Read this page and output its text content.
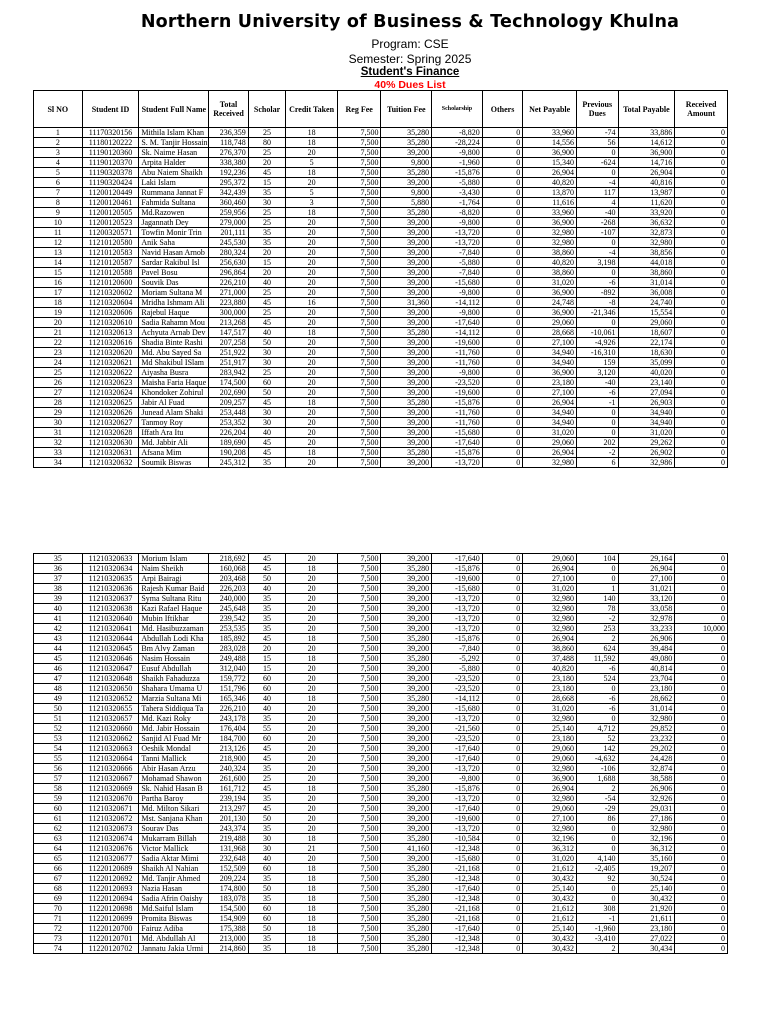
Northern University of Business & Technology Khulna
Program: CSE
Semester: Spring 2025
Student's Finance
40% Dues List
Sl NO	Student ID	Student Full Name	Total Received	Scholar	Credit Taken	Reg Fee	Tuition Fee	Scholarship	Others	Net Payable	Previous Dues	Total Payable	Received Amount
1	11170320156	Mithila Islam Khan	236,359	25	18	7,500	35,280	-8,820	0	33,960	-74	33,886	0
2	11180120222	S. M. Tanjir Hossain	118,748	80	18	7,500	35,280	-28,224	0	14,556	56	14,612	0
3	11190120360	Sk. Naime Hasan	276,370	25	20	7,500	39,200	-9,800	0	36,900	0	36,900	0
4	11190120370	Arpita Halder	338,380	20	5	7,500	9,800	-1,960	0	15,340	-624	14,716	0
5	11190320378	Abu Naiem Shaikh	192,236	45	18	7,500	35,280	-15,876	0	26,904	0	26,904	0
6	11190320424	Laki Islam	295,372	15	20	7,500	39,200	-5,880	0	40,820	-4	40,816	0
7	11200120449	Rummana Jannat F	342,439	35	5	7,500	9,800	-3,430	0	13,870	117	13,987	0
8	11200120461	Fahmida Sultana	360,460	30	3	7,500	5,880	-1,764	0	11,616	4	11,620	0
9	11200120505	Md.Razowen	259,956	25	18	7,500	35,280	-8,820	0	33,960	-40	33,920	0
10	11200120523	Jagannath Dey	279,000	25	20	7,500	39,200	-9,800	0	36,900	-268	36,632	0
11	11200320571	Towfin Monir Trin	201,111	35	20	7,500	39,200	-13,720	0	32,980	-107	32,873	0
12	11210120580	Anik Saha	245,530	35	20	7,500	39,200	-13,720	0	32,980	0	32,980	0
13	11210120583	Navid Hasan Arnob	280,324	20	20	7,500	39,200	-7,840	0	38,860	-4	38,856	0
14	11210120587	Sardar Rakibul Isl	256,630	15	20	7,500	39,200	-5,880	0	40,820	3,198	44,018	0
15	11210120588	Pavel Bosu	296,864	20	20	7,500	39,200	-7,840	0	38,860	0	38,860	0
16	11210120600	Souvik Das	226,210	40	20	7,500	39,200	-15,680	0	31,020	-6	31,014	0
17	11210320602	Moriam Sultana M	271,000	25	20	7,500	39,200	-9,800	0	36,900	-892	36,008	0
18	11210320604	Mridha Ishmam Ali	223,880	45	16	7,500	31,360	-14,112	0	24,748	-8	24,740	0
19	11210320606	Rajebul Haque	300,000	25	20	7,500	39,200	-9,800	0	36,900	-21,346	15,554	0
20	11210320610	Sadia Rahamn Mou	213,268	45	20	7,500	39,200	-17,640	0	29,060	0	29,060	0
21	11210320613	Achyuta Arnab Dev	147,517	40	18	7,500	35,280	-14,112	0	28,668	-10,061	18,607	0
22	11210320616	Shadia Binte Rashi	207,258	50	20	7,500	39,200	-19,600	0	27,100	-4,926	22,174	0
23	11210320620	Md. Abu Sayed Sa	251,922	30	20	7,500	39,200	-11,760	0	34,940	-16,310	18,630	0
24	11210320621	Md Shakibul ISlam	251,917	30	20	7,500	39,200	-11,760	0	34,940	159	35,099	0
25	11210320622	Aiyasha Busra	283,942	25	20	7,500	39,200	-9,800	0	36,900	3,120	40,020	0
26	11210320623	Maisha Faria Haque	174,500	60	20	7,500	39,200	-23,520	0	23,180	-40	23,140	0
27	11210320624	Khondoker Zohirul	202,690	50	20	7,500	39,200	-19,600	0	27,100	-6	27,094	0
28	11210320625	Jabir Al Fuad	209,257	45	18	7,500	35,280	-15,876	0	26,904	-1	26,903	0
29	11210320626	Junead Alam Shaki	253,448	30	20	7,500	39,200	-11,760	0	34,940	0	34,940	0
30	11210320627	Tanmoy Roy	253,352	30	20	7,500	39,200	-11,760	0	34,940	0	34,940	0
31	11210320628	Iffath Ara Itu	226,204	40	20	7,500	39,200	-15,680	0	31,020	0	31,020	0
32	11210320630	Md. Jabbir Ali	189,690	45	20	7,500	39,200	-17,640	0	29,060	202	29,262	0
33	11210320631	Afsana Mim	190,208	45	18	7,500	35,280	-15,876	0	26,904	-2	26,902	0
34	11210320632	Soumik Biswas	245,312	35	20	7,500	39,200	-13,720	0	32,980	6	32,986	0
35	11210320633	Morium Islam	218,692	45	20	7,500	39,200	-17,640	0	29,060	104	29,164	0
36	11210320634	Naim Sheikh	160,068	45	18	7,500	35,280	-15,876	0	26,904	0	26,904	0
37	11210320635	Arpi Bairagi	203,468	50	20	7,500	39,200	-19,600	0	27,100	0	27,100	0
38	11210320636	Rajesh Kumar Baid	226,203	40	20	7,500	39,200	-15,680	0	31,020	1	31,021	0
39	11210320637	Syma Sultana Ritu	240,000	35	20	7,500	39,200	-13,720	0	32,980	140	33,120	0
40	11210320638	Kazi Rafael Haque	245,648	35	20	7,500	39,200	-13,720	0	32,980	78	33,058	0
41	11210320640	Mubin Iftikhar	239,542	35	20	7,500	39,200	-13,720	0	32,980	-2	32,978	0
42	11210320641	Md. Hasibuzzaman	253,535	35	20	7,500	39,200	-13,720	0	32,980	253	33,233	10,000
43	11210320644	Abdullah Lodi Kha	185,892	45	18	7,500	35,280	-15,876	0	26,904	2	26,906	0
44	11210320645	Bm Alvy Zaman	283,028	20	20	7,500	39,200	-7,840	0	38,860	624	39,484	0
45	11210320646	Nasim Hossain	249,488	15	18	7,500	35,280	-5,292	0	37,488	11,592	49,080	0
46	11210320647	Eusuf Abdullah	312,040	15	20	7,500	39,200	-5,880	0	40,820	-6	40,814	0
47	11210320648	Shaikh Fahaduzza	159,772	60	20	7,500	39,200	-23,520	0	23,180	524	23,704	0
48	11210320650	Shahara Umama U	151,796	60	20	7,500	39,200	-23,520	0	23,180	0	23,180	0
49	11210320652	Marzia Sultana Mi	165,346	40	18	7,500	35,280	-14,112	0	28,668	-6	28,662	0
50	11210320655	Tahera Siddiqua Ta	226,210	40	20	7,500	39,200	-15,680	0	31,020	-6	31,014	0
51	11210320657	Md. Kazi Roky	243,178	35	20	7,500	39,200	-13,720	0	32,980	0	32,980	0
52	11210320660	Md. Jabir Hossain	176,404	55	20	7,500	39,200	-21,560	0	25,140	4,712	29,852	0
53	11210320662	Sanjid Al Fuad Mr	184,700	60	20	7,500	39,200	-23,520	0	23,180	52	23,232	0
54	11210320663	Oeshik Mondal	213,126	45	20	7,500	39,200	-17,640	0	29,060	142	29,202	0
55	11210320664	Tanni Mallick	218,900	45	20	7,500	39,200	-17,640	0	29,060	-4,632	24,428	0
56	11210320666	Abir Hasan Arzu	240,324	35	20	7,500	39,200	-13,720	0	32,980	-106	32,874	0
57	11210320667	Mohamad Shawon	261,600	25	20	7,500	39,200	-9,800	0	36,900	1,688	38,588	0
58	11210320669	Sk. Nahid Hasan B	161,712	45	18	7,500	35,280	-15,876	0	26,904	2	26,906	0
59	11210320670	Partha Baroy	239,194	35	20	7,500	39,200	-13,720	0	32,980	-54	32,926	0
60	11210320671	Md. Milton Sikari	213,297	45	20	7,500	39,200	-17,640	0	29,060	-29	29,031	0
61	11210320672	Mst. Sanjana Khan	201,130	50	20	7,500	39,200	-19,600	0	27,100	86	27,186	0
62	11210320673	Sourav Das	243,374	35	20	7,500	39,200	-13,720	0	32,980	0	32,980	0
63	11210320674	Mukarram Billah	219,488	30	18	7,500	35,280	-10,584	0	32,196	0	32,196	0
64	11210320676	Victor Mallick	131,968	30	21	7,500	41,160	-12,348	0	36,312	0	36,312	0
65	11210320677	Sadia Aktar Mimi	232,648	40	20	7,500	39,200	-15,680	0	31,020	4,140	35,160	0
66	11220120689	Shaikh Al Nahian	152,509	60	18	7,500	35,280	-21,168	0	21,612	-2,405	19,207	0
67	11220120692	Md. Tanjir Ahmed	209,224	35	18	7,500	35,280	-12,348	0	30,432	92	30,524	0
68	11220120693	Nazia Hasan	174,800	50	18	7,500	35,280	-17,640	0	25,140	0	25,140	0
69	11220120694	Sadia Afrin Oaishy	183,078	35	18	7,500	35,280	-12,348	0	30,432	0	30,432	0
70	11220120698	Md.Saiful Islam	154,500	60	18	7,500	35,280	-21,168	0	21,612	308	21,920	0
71	11220120699	Promita Biswas	154,909	60	18	7,500	35,280	-21,168	0	21,612	-1	21,611	0
72	11220120700	Fairuz Adiba	175,388	50	18	7,500	35,280	-17,640	0	25,140	-1,960	23,180	0
73	11220120701	Md. Abdullah Al	213,000	35	18	7,500	35,280	-12,348	0	30,432	-3,410	27,022	0
74	11220120702	Jannatu Jakia Urmi	214,860	35	18	7,500	35,280	-12,348	0	30,432	2	30,434	0
